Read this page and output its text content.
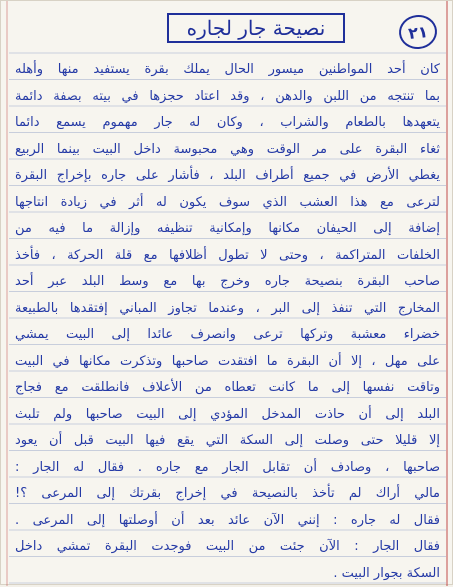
٢١
نصيحة جار لجاره
كان أحد المواطنين ميسور الحال يملك بقرة يستفيد منها وأهله
بما تنتجه من اللبن والدهن ، وقد اعتاد حجزها في بيته بصفة دائمة
يتعهدها بالطعام والشراب ، وكان له جار مهموم يسمع دائما
ثغاء البقرة على مر الوقت وهي محبوسة داخل البيت بينما الربيع
يغطي الأرض في جميع أطراف البلد ، فأشار على جاره بإخراج البقرة
لترعى مع هذا العشب الذي سوف يكون له أثر في زيادة انتاجها
إضافة إلى الحيفان مكانها وإمكانية تنظيفه وإزالة ما فيه من
الخلفات المتراكمة ، وحتى لا تطول أظلافها مع قلة الحركة ، فأخذ
صاحب البقرة بنصيحة جاره وخرج بها مع وسط البلد عبر أحد
المخارج التي تنفذ إلى البر ، وعندما تجاوز المباني إفتقدها بالطبيعة
خضراء معشبة وتركها ترعى وانصرف عائدا إلى البيت يمشي
على مهل ، إلا أن البقرة ما افتقدت صاحبها وتذكرت مكانها في البيت
وتاقت نفسها إلى ما كانت تعطاه من الأعلاف فانطلقت مع فجاج
البلد إلى أن حاذت المدخل المؤدي إلى البيت صاحبها ولم تلبث
إلا قليلا حتى وصلت إلى السكة التي يقع فيها البيت قبل أن يعود
صاحبها ، وصادف أن تقابل الجار مع جاره . فقال له الجار :
مالي أراك لم تأخذ بالنصيحة في إخراج بقرتك إلى المرعى ؟!
فقال له جاره : إنني الآن عائد بعد أن أوصلتها إلى المرعى .
فقال الجار : الآن جئت من البيت فوجدت البقرة تمشي داخل
السكة بجوار البيت .
